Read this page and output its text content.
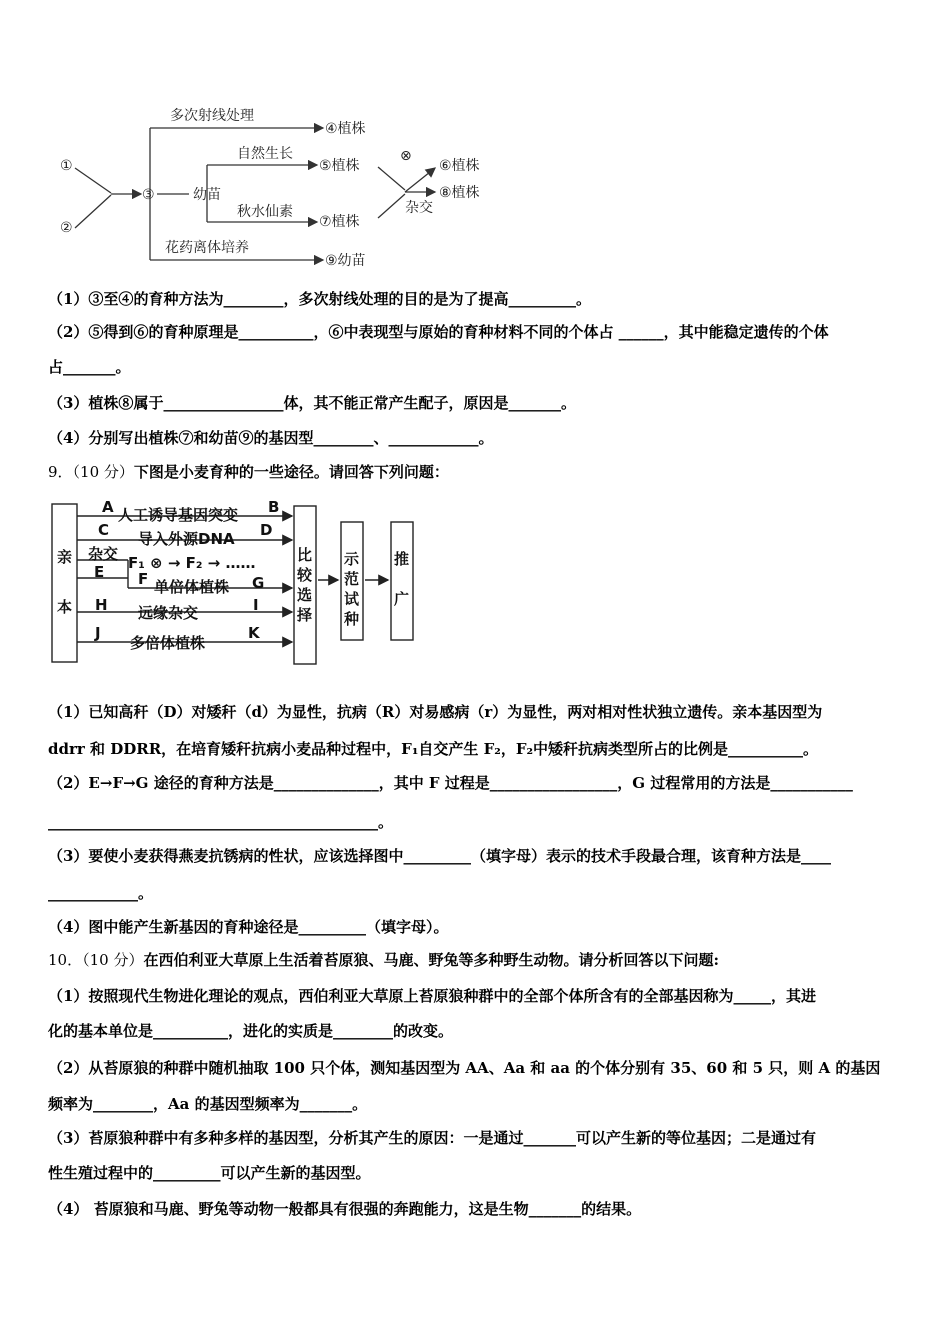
①
②
③	幼苗
④植株
⑤植株	⑥植株
⑦植株
⑧植株
⑨幼苗
多次射线处理
自然生长
秋水仙素
花药离体培养
⊗
杂交
（1）③至④的育种方法为________，多次射线处理的目的是为了提高_________。
（2）⑤得到⑥的育种原理是__________，⑥中表现型与原始的育种材料不同的个体占 ______，其中能稳定遗传的个体
占_______。
（3）植株⑧属于________________体，其不能正常产生配子，原因是_______。
（4）分别写出植株⑦和幼苗⑨的基因型________、____________。
9．（10 分）下图是小麦育种的一些途径。请回答下列问题：
亲
本
比
较
选
择
示
范
试
种
推
广
A 人工诱导基因突变 B
C 导入外源DNA D
杂交 F₁ ⊗ → F₂ → ……
E F 单倍体植株 G
H 远缘杂交	I
J
多倍体植株
K
（1）已知高秆（D）对矮秆（d）为显性，抗病（R）对易感病（r）为显性，两对相对性状独立遗传。亲本基因型为
ddrr 和 DDRR，在培育矮秆抗病小麦品种过程中，F₁自交产生 F₂，F₂中矮秆抗病类型所占的比例是__________。
（2）E→F→G 途径的育种方法是______________，其中 F 过程是_________________，G 过程常用的方法是___________
____________________________________________。
（3）要使小麦获得燕麦抗锈病的性状，应该选择图中_________（填字母）表示的技术手段最合理，该育种方法是____
____________。
（4）图中能产生新基因的育种途径是_________（填字母）。
10．（10 分）在西伯利亚大草原上生活着苔原狼、马鹿、野兔等多种野生动物。请分析回答以下问题:
（1）按照现代生物进化理论的观点，西伯利亚大草原上苔原狼种群中的全部个体所含有的全部基因称为_____，其进
化的基本单位是__________，进化的实质是________的改变。
（2）从苔原狼的种群中随机抽取 100 只个体，测知基因型为 AA、Aa 和 aa 的个体分别有 35、60 和 5 只，则 A 的基因
频率为________，Aa 的基因型频率为_______。
（3）苔原狼种群中有多种多样的基因型，分析其产生的原因：一是通过_______可以产生新的等位基因；二是通过有
性生殖过程中的_________可以产生新的基因型。
（4） 苔原狼和马鹿、野兔等动物一般都具有很强的奔跑能力，这是生物_______的结果。
